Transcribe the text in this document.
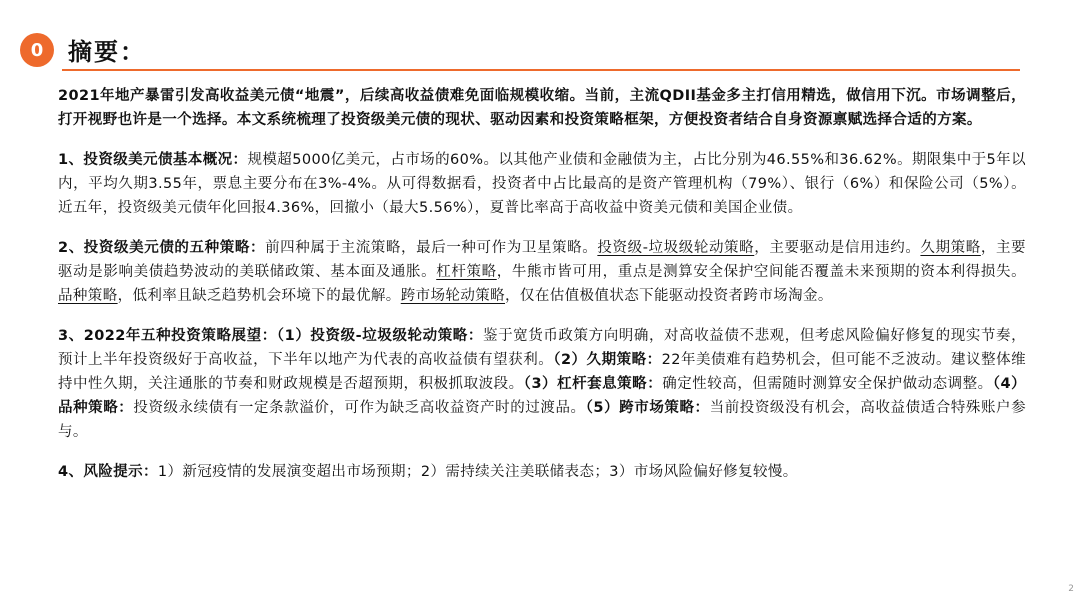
0	摘要：

2021年地产暴雷引发高收益美元债“地震”，后续高收益债难免面临规模收缩。当前，主流QDII基金多主打信用精选，做信用下沉。市场调整后，打开视野也许是一个选择。本文系统梳理了投资级美元债的现状、驱动因素和投资策略框架，方便投资者结合自身资源禀赋选择合适的方案。

1、投资级美元债基本概况：规模超5000亿美元，占市场的60%。以其他产业债和金融债为主，占比分别为46.55%和36.62%。期限集中于5年以内，平均久期3.55年，票息主要分布在3%-4%。从可得数据看，投资者中占比最高的是资产管理机构（79%）、银行（6%）和保险公司（5%）。近五年，投资级美元债年化回报4.36%，回撤小（最大5.56%），夏普比率高于高收益中资美元债和美国企业债。

2、投资级美元债的五种策略：前四种属于主流策略，最后一种可作为卫星策略。投资级-垃圾级轮动策略，主要驱动是信用违约。久期策略，主要驱动是影响美债趋势波动的美联储政策、基本面及通胀。杠杆策略，牛熊市皆可用，重点是测算安全保护空间能否覆盖未来预期的资本利得损失。品种策略，低利率且缺乏趋势机会环境下的最优解。跨市场轮动策略，仅在估值极值状态下能驱动投资者跨市场淘金。

3、2022年五种投资策略展望：（1）投资级-垃圾级轮动策略：鉴于宽货币政策方向明确，对高收益债不悲观，但考虑风险偏好修复的现实节奏，预计上半年投资级好于高收益，下半年以地产为代表的高收益债有望获利。（2）久期策略：22年美债难有趋势机会，但可能不乏波动。建议整体维持中性久期，关注通胀的节奏和财政规模是否超预期，积极抓取波段。（3）杠杆套息策略：确定性较高，但需随时测算安全保护做动态调整。（4）品种策略：投资级永续债有一定条款溢价，可作为缺乏高收益资产时的过渡品。（5）跨市场策略：当前投资级没有机会，高收益债适合特殊账户参与。

4、风险提示：1）新冠疫情的发展演变超出市场预期；2）需持续关注美联储表态；3）市场风险偏好修复较慢。

2
